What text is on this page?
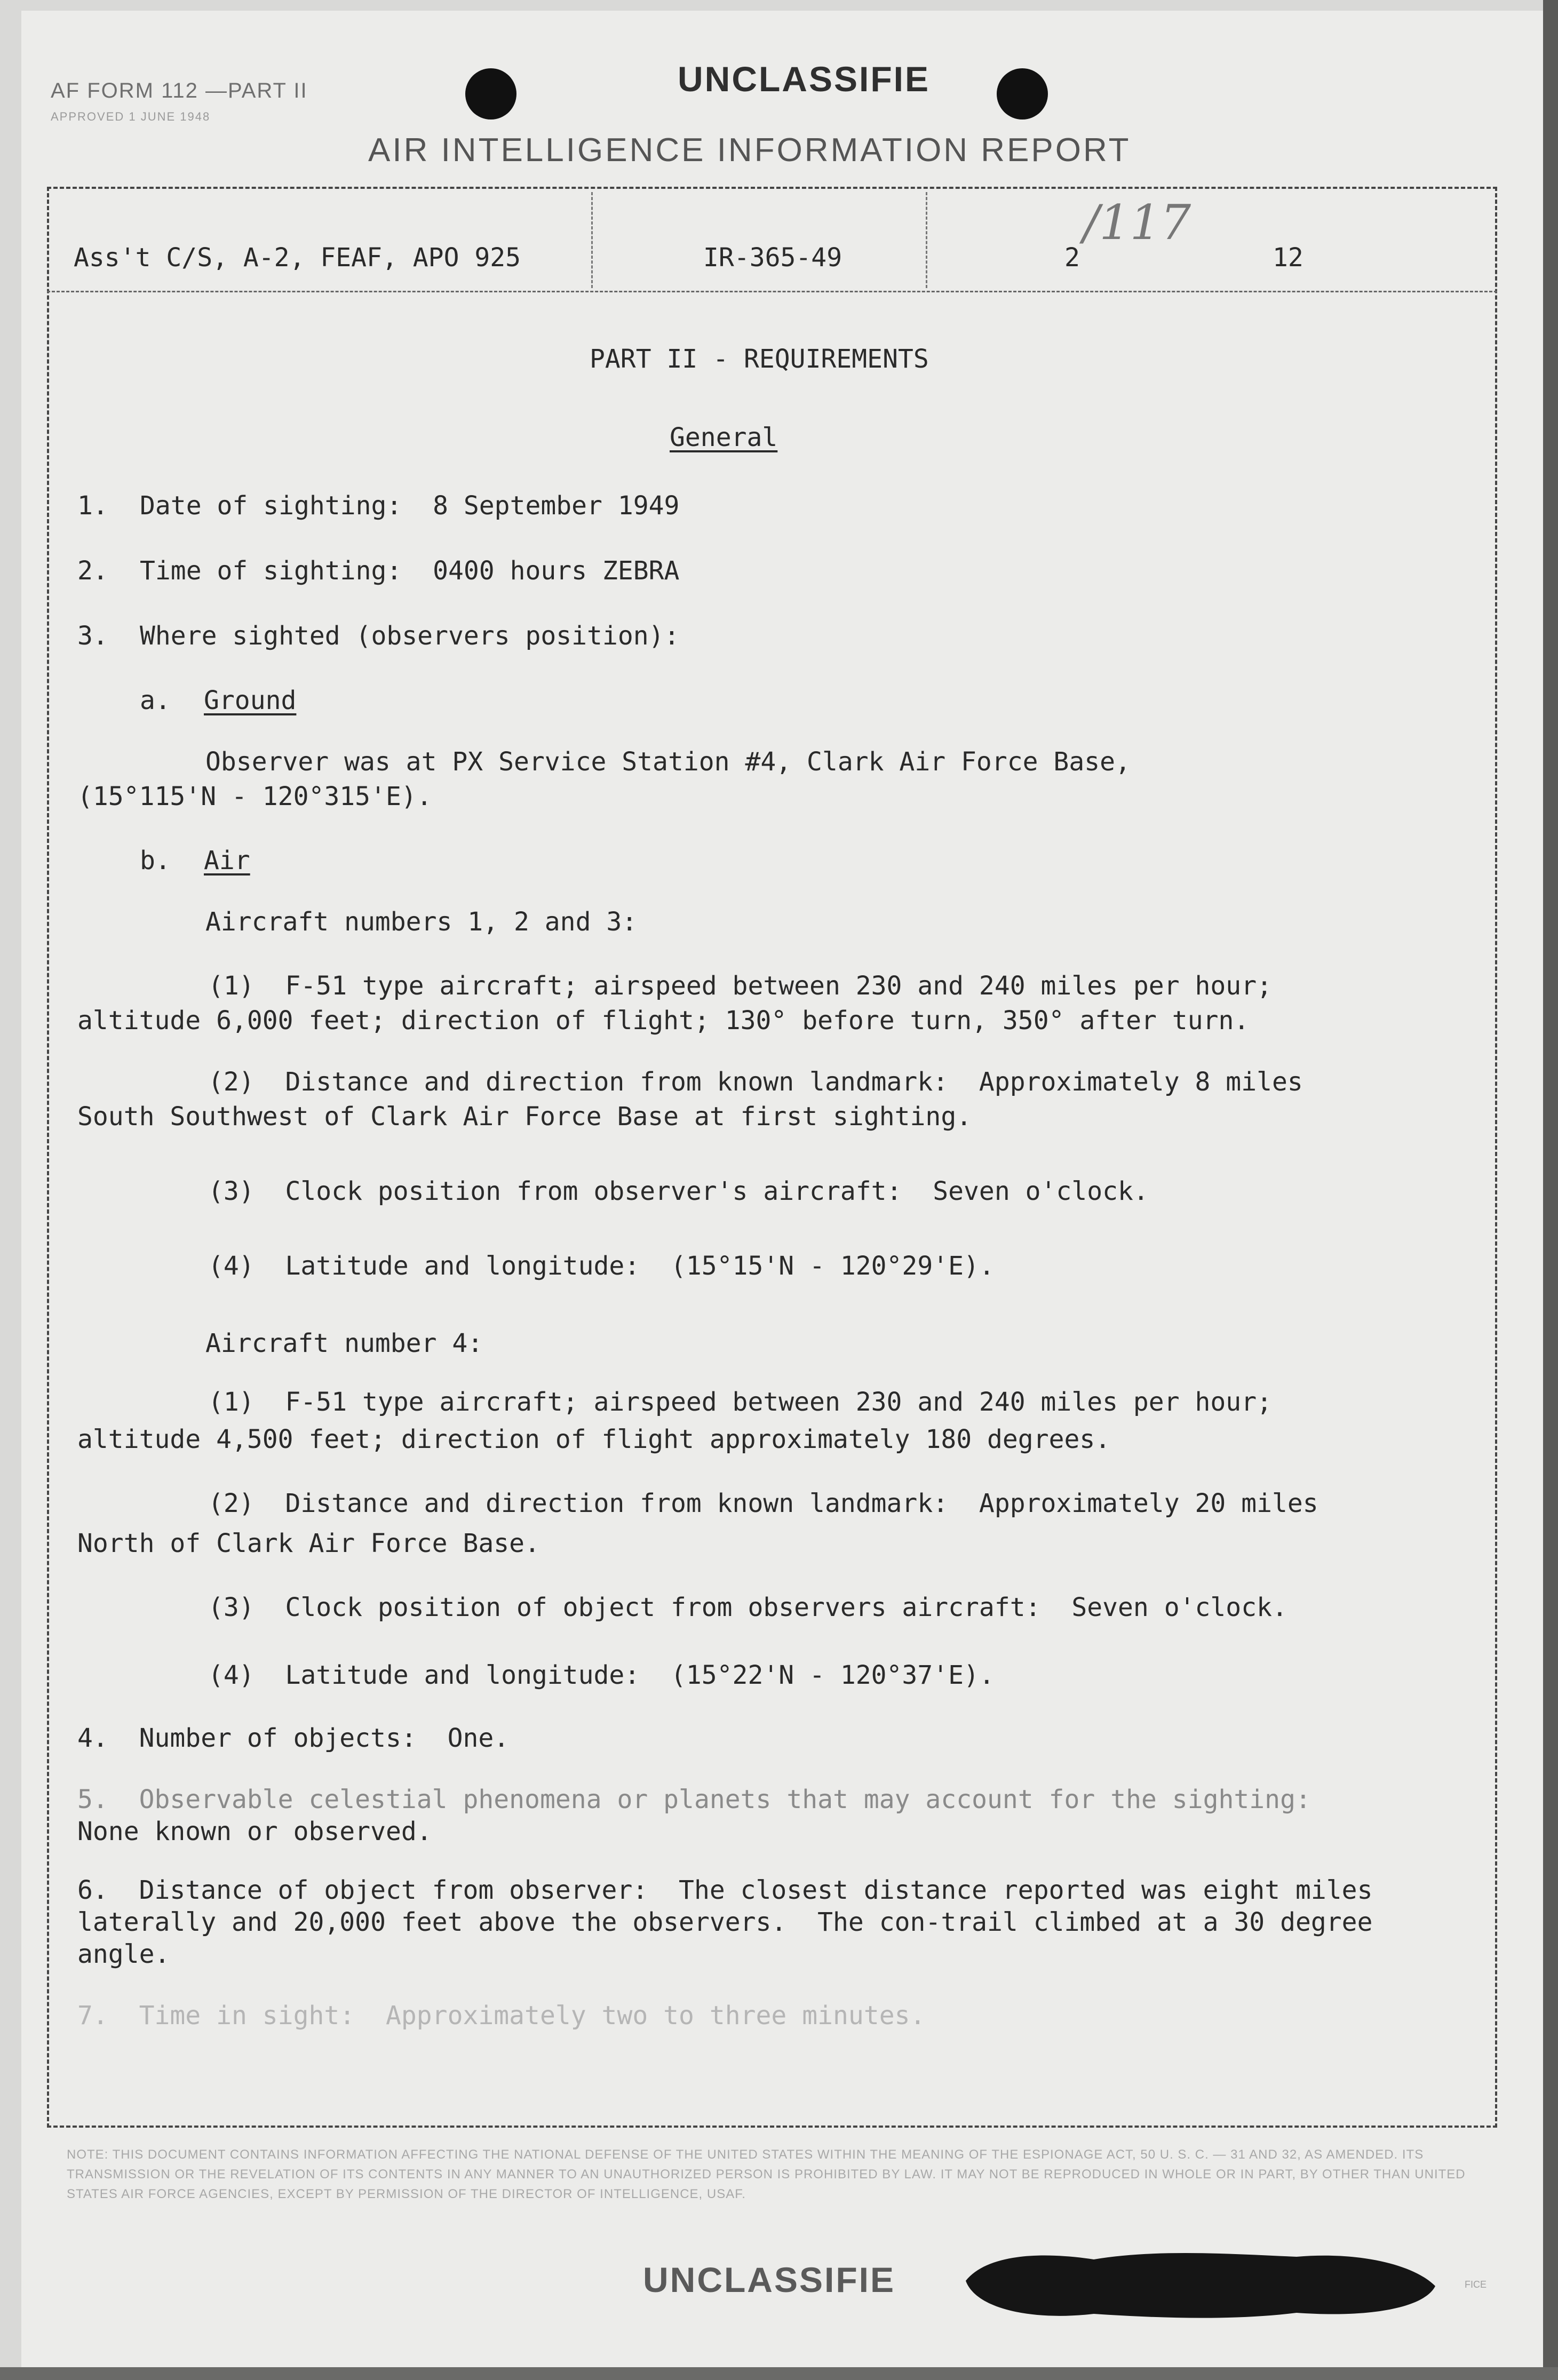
AF FORM 112 —PART II
APPROVED 1 JUNE 1948
UNCLASSIFIE
AIR INTELLIGENCE INFORMATION REPORT
Ass't C/S, A-2, FEAF, APO 925	IR-365-49	2	12
/117
PART II - REQUIREMENTS
General
1. Date of sighting:  8 September 1949
2. Time of sighting:  0400 hours ZEBRA
3. Where sighted (observers position):
a. Ground
Observer was at PX Service Station #4, Clark Air Force Base,
(15°115'N - 120°315'E).
b. Air
Aircraft numbers 1, 2 and 3:
(1)  F-51 type aircraft; airspeed between 230 and 240 miles per hour;
altitude 6,000 feet; direction of flight; 130° before turn, 350° after turn.
(2)  Distance and direction from known landmark:  Approximately 8 miles
South Southwest of Clark Air Force Base at first sighting.
(3)  Clock position from observer's aircraft:  Seven o'clock.
(4)  Latitude and longitude:  (15°15'N - 120°29'E).
Aircraft number 4:
(1)  F-51 type aircraft; airspeed between 230 and 240 miles per hour;
altitude 4,500 feet; direction of flight approximately 180 degrees.
(2)  Distance and direction from known landmark:  Approximately 20 miles
North of Clark Air Force Base.
(3)  Clock position of object from observers aircraft:  Seven o'clock.
(4)  Latitude and longitude:  (15°22'N - 120°37'E).
4.  Number of objects:  One.
5.  Observable celestial phenomena or planets that may account for the sighting:
None known or observed.
6.  Distance of object from observer:  The closest distance reported was eight miles
laterally and 20,000 feet above the observers.  The con-trail climbed at a 30 degree
angle.
7.  Time in sight:  Approximately two to three minutes.
NOTE: THIS DOCUMENT CONTAINS INFORMATION AFFECTING THE NATIONAL DEFENSE OF THE UNITED STATES WITHIN THE MEANING OF THE ESPIONAGE ACT, 50 U. S. C. — 31 AND 32, AS AMENDED. ITS TRANSMISSION OR THE REVELATION OF ITS CONTENTS IN ANY MANNER TO AN UNAUTHORIZED PERSON IS PROHIBITED BY LAW. IT MAY NOT BE REPRODUCED IN WHOLE OR IN PART, BY OTHER THAN UNITED STATES AIR FORCE AGENCIES, EXCEPT BY PERMISSION OF THE DIRECTOR OF INTELLIGENCE, USAF.
UNCLASSIFIE	FICE
